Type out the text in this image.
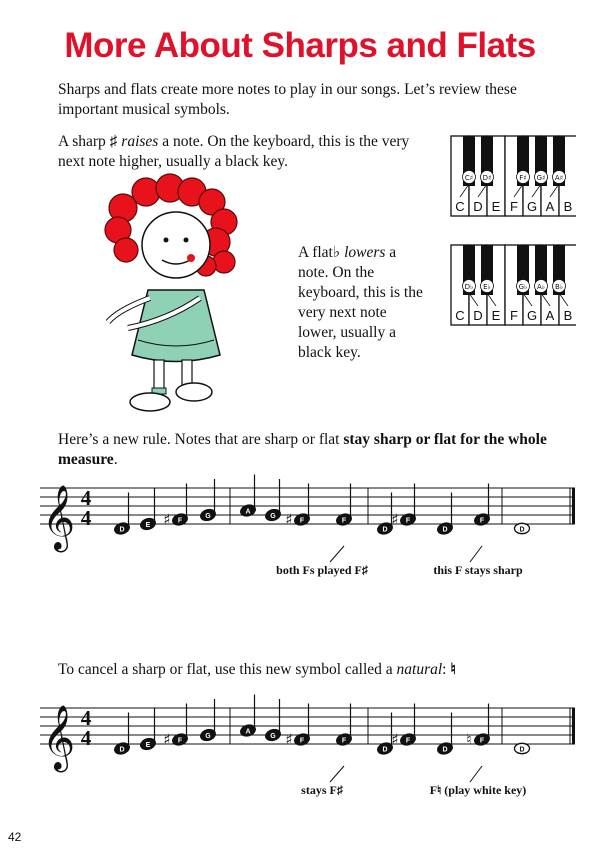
More About Sharps and Flats
Sharps and flats create more notes to play in our songs. Let’s review these important musical symbols.
A sharp ♯ raises a note. On the keyboard, this is the very next note higher, usually a black key.
A flat♭ lowers a note. On the keyboard, this is the very next note lower, usually a black key.
C D E F G A B
C♯ D♯	F♯ G♯ A♯
C D E F G A B
D♭ E♭	G♭ A♭ B♭
Here’s a new rule. Notes that are sharp or flat stay sharp or flat for the whole measure.
𝄞 4
4	D
E ♯ F
G
A
G ♯ F	F
D
♯ F
D
F
D
both Fs played F♯	this F stays sharp
To cancel a sharp or flat, use this new symbol called a natural: ♮
𝄞 4
4	D
E ♯ F
G
A
G ♯ F	F
D
♯ F
D
♮ F
D
stays F♯	F♮ (play white key)
42
